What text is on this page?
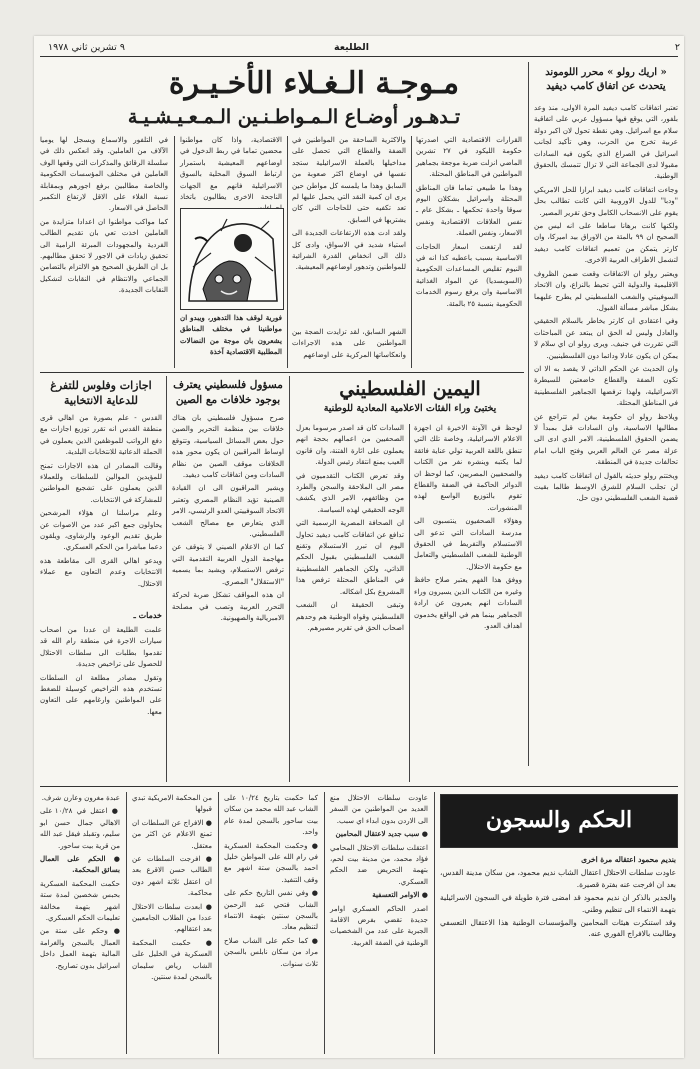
٢
الطليعة
٩ تشرين ثاني ١٩٧٨
« اريك رولو » محرر اللوموند يتحدث عن اتفاق كامب ديفيد

تعتبر اتفاقات كامب ديفيد المرة الاولى، منذ وعد بلفور، التي يوقع فيها مسؤول عربي على اتفاقية سلام مع اسرائيل. وهي نقطة تحول لان اكبر دولة عربية تخرج من الحرب، وهي تأكيد لجانب اسرائيل في الصراع الذي يكون فيه السادات مقبولا لدى الجماعة التي لا تزال تتمسك بالحقوق الوطنية.

وجاءت اتفاقات كامب ديفيد ابرازا للحل الامريكي "ودبا" للدول الاوروبية التي كانت تطالب بحل يقوم على الانسحاب الكامل وحق تقرير المصير.

ولكنها كانت برهانا ساطعا على انه ليس من الصحيح ان ٩٩ بالمئة من الاوراق بيد اميركا، وان كارتر يتمكن من تعميم اتفاقات كامب ديفيد لتشمل الاطراف العربية الاخرى.

ويعتبر رولو ان الاتفاقات وقعت ضمن الظروف الاقليمية والدولية التي تحيط بالنزاع، وان الاتحاد السوفييتي والشعب الفلسطيني لم يطرح عليهما بشكل مباشر مسألة القبول.

وفي اعتقادي ان كارتر يخاطر بالسلام الحقيقي والعادل وليس له الحق ان يبتعد عن المباحثات التي تقررت في جنيف. ويرى رولو ان اي سلام لا يمكن ان يكون عادلا ودائما دون الفلسطينيين.

وان الحديث عن الحكم الذاتي لا يقصد به الا ان تكون الضفة والقطاع خاضعتين للسيطرة الاسرائيلية، ولهذا ترفضها الجماهير الفلسطينية في المناطق المحتلة.

ويلاحظ رولو ان حكومة بيغن لم تتراجع عن مطالبها الاساسية، وان السادات قبل بمبدأ لا يضمن الحقوق الفلسطينية، الامر الذي ادى الى عزلة مصر عن العالم العربي وفتح الباب امام تحالفات جديدة في المنطقة.

ويختتم رولو حديثه بالقول ان اتفاقات كامب ديفيد لن تجلب السلام للشرق الاوسط طالما بقيت قضية الشعب الفلسطيني دون حل.

مـوجـة الـغـلاء الأخـيـرة
تـدهـور أوضـاع الـمـواطـنـين الـمـعـيـشـيـة

القرارات الاقتصادية التي اصدرتها حكومة الليكود في ٢٧ تشرين الماضي انزلت ضربة موجعة بجماهير المواطنين في المناطق المحتلة.

وهذا ما طبيعي تماما فان المناطق المحتلة واسرائيل بشكلان اليوم سوقا واحدة تحكمها ـ بشكل عام ـ نفس العلاقات الاقتصادية ونفس الاسعار، ونفس العملة.

لقد ارتفعت اسعار الحاجات الاساسية بسبب باعطيه كذا انه في النيوم تقليص المساعدات الحكومية (السوبسديا) عن المواد الغذائية الاساسية وان يرفع رسوم الخدمات الحكومية بنسبة ٢٥ بالمئة.

والاكثرية الساحقة من المواطنين في الضفة والقطاع التي تحصل على مداخيلها بالعملة الاسرائيلية ستجد نفسها في اوضاع اكثر صعوبة من السابق وهذا ما يلمسه كل مواطن حين يرى ان كمية النقد التي يحمل عليها لم تعد تكفيه حتى للحاجات التي كان يشتريها في السابق.

ولقد ادت هذه الارتفاعات الجديدة الى استياء شديد في الاسواق، وادى كل ذلك الى انخفاض القدرة الشرائية للمواطنين وتدهور اوضاعهم المعيشية.

الاقتصادية، واذا كان مواطنوا محضين تماما في ربط الدخول في اوضاعهم المعيشية باستمرار ارتباط السوق المحلية بالسوق الاسرائيلية فانهم مع الجهات الناجحة الاخرى يطالبون باتخاذ

في التلفور والاسماع ويسجل لها يوميا الآلاف من العاملين. وقد انعكس ذلك في سلسلة الرقائق والمذكرات التي وقعها الوف العاملين في مختلف المؤسسات الحكومية والخاصة مطالبين برفع اجورهم وبمقابلة نسبة الغلاء على الاقل لارتفاع التكمبر الحاصل في الاسعار.

كما مواكب مواطنوا ان اعدادا متزايدة من العاملين اخذت تعي بان تقديم الطالب الفردية والمجهودات المبرئة الرامية الى تحقيق زيادات في الاجور لا تحقق مطالبهم. بل ان الطريق الصحيح هو الالتزام بالتضامن الجماعي والانتظام في النقابات لتشكيل النقابات الجديدة.

فورية لوقف هذا التدهور، ويبدو ان مواطنينا في مختلف المناطق يشعرون بان موجة من النضالات المطلبية الاقتصادية آخذة

الشهر السابق، لقد تزايدت الضجة بين المواطنين على هذه الاجراءات وانعكاساتها المركزية على اوضاعهم

اليمين الفلسطيني
يختبئ وراء الفئات الاعلامية المعادية للوطنية

لوحظ في الآونة الاخيرة ان اجهزة الاعلام الاسرائيلية، وخاصة تلك التي تنطق باللغة العربية تولي عناية فائقة لما يكتبه وينشره نفر من الكتاب والصحفيين المصريين، كما لوحظ ان الدوائر الحاكمة في الضفة والقطاع تقوم بالتوزيع الواسع لهذه المنشورات.

وهؤلاء الصحفيون ينتسبون الى مدرسة السادات التي تدعو الى الاستسلام والتفريط في الحقوق الوطنية للشعب الفلسطيني والتعامل مع حكومة الاحتلال.

ووفق هذا الفهم يعتبر صلاح حافظ وغيره من الكتاب الذين يسيرون وراء السادات انهم يعبرون عن ارادة الجماهير بينما هم في الواقع يخدمون اهداف العدو.

السادات كان قد اصدر مرسوما بعزل الصحفيين من اعمالهم بحجة انهم يعملون على اثارة الفتنة، وان قانون العيب يمنع انتقاد رئيس الدولة.

وقد تعرض الكتاب التقدميون في مصر الى الملاحقة والسجن والطرد من وظائفهم، الامر الذي يكشف الوجه الحقيقي لهذه السياسة.

ان الصحافة المصرية الرسمية التي تدافع عن اتفاقات كامب ديفيد تحاول اليوم ان تبرر الاستسلام وتقنع الشعب الفلسطيني بقبول الحكم الذاتي، ولكن الجماهير الفلسطينية في المناطق المحتلة ترفض هذا المشروع بكل اشكاله.

وتبقى الحقيقة ان الشعب الفلسطيني وقواه الوطنية هم وحدهم اصحاب الحق في تقرير مصيرهم.

مسؤول فلسطيني يعترف بوجود خلافات مع الصين

صرح مسؤول فلسطيني بان هناك خلافات بين منظمة التحرير والصين حول بعض المسائل السياسية، وتتوقع اوساط المراقبين ان يكون محور هذه الخلافات موقف الصين من نظام السادات ومن اتفاقات كامب ديفيد.

ويشير المراقبون الى ان القيادة الصينية تؤيد النظام المصري وتعتبر الاتحاد السوفييتي العدو الرئيسي، الامر الذي يتعارض مع مصالح الشعب الفلسطيني.

كما ان الاعلام الصيني لا يتوقف عن مهاجمة الدول العربية التقدمية التي ترفض الاستسلام، ويشيد بما يسميه "الاستقلال" المصري.

ان هذه المواقف تشكل ضربة لحركة التحرر العربية وتصب في مصلحة الامبريالية والصهيونية.

اجازات وفلوس للتفرغ للدعاية الانتخابية

القدس - علم بصورة من اهالي قرى منطقة القدس انه تقرر توزيع اجازات مع دفع الرواتب للموظفين الذين يعملون في الحملة الدعائية للانتخابات البلدية.

وقالت المصادر ان هذه الاجازات تمنح للمؤيدين الموالين للسلطات وللعملاء الذين يعملون على تشجيع المواطنين للمشاركة في الانتخابات.

وعلم مراسلنا ان هؤلاء المرشحين يحاولون جمع اكبر عدد من الاصوات عن طريق تقديم الوعود والرشاوى، ويلقون دعما مباشرا من الحكم العسكري.

ويدعو اهالي القرى الى مقاطعة هذه الانتخابات وعدم التعاون مع عملاء الاحتلال.

خدمات ـ

علمت الطليعة ان عددا من اصحاب سيارات الاجرة في منطقة رام الله قد تقدموا بطلبات الى سلطات الاحتلال للحصول على تراخيص جديدة.

وتقول مصادر مطلعة ان السلطات تستخدم هذه التراخيص كوسيلة للضغط على المواطنين وارغامهم على التعاون معها.

الحكم والسجون

بنديم محمود اعتقاله مرة اخرى

عاودت سلطات الاحتلال اعتقال الشاب نديم محمود، من سكان مدينة القدس، بعد ان افرجت عنه بفترة قصيرة.

والجدير بالذكر ان نديم محمود قد امضى فترة طويلة في السجون الاسرائيلية بتهمة الانتماء الى تنظيم وطني.

وقد استنكرت هيئات المحامين والمؤسسات الوطنية هذا الاعتقال التعسفي وطالبت بالافراج الفوري عنه.

عاودت سلطات الاحتلال منع العديد من المواطنين من السفر الى الاردن بدون ابداء اي سبب.

● سبب جديد لاعتقال المحامين

اعتقلت سلطات الاحتلال المحامي فؤاد محمد، من مدينة بيت لحم، بتهمة التحريض ضد الحكم العسكري.

● الاوامر التعسفية

اصدر الحاكم العسكري اوامر جديدة تقضي بفرض الاقامة الجبرية على عدد من الشخصيات الوطنية في الضفة الغربية.

كما حكمت بتاريخ ١٠/٢٤ على الشاب عبد الله محمد من سكان بيت ساحور بالسجن لمدة عام واحد.

● وحكمت المحكمة العسكرية في رام الله على المواطن خليل احمد بالسجن ستة اشهر مع وقف التنفيذ.

● وفي نفس التاريخ حكم على الشاب فتحي عبد الرحمن بالسجن سنتين بتهمة الانتماء لتنظيم معاد.

● كما حكم على الشاب صلاح مراد من سكان نابلس بالسجن ثلاث سنوات.

من المحكمة الامريكية تبدي قبولها

● الافراج عن السلطات ان تمنع الاعلام عن اكثر من معتقل.

● افرجت السلطات عن الطالب حسن الاقرع بعد ان اعتقل ثلاثة اشهر دون محاكمة.

● ابعدت سلطات الاحتلال عددا من الطلاب الجامعيين بعد اعتقالهم.

● حكمت المحكمة العسكرية في الخليل على الشاب رياض سليمان بالسجن لمدة سنتين.

عبدة مغرون وعارن شرف.

● اعتقل في ١٠/٢٨ على الاهالي جمال حسن ابو سليم، وتقبلد فيقل عبد الله من قرية بيت ساحور.

● الحكم على العمال بسائق المحكمة.

حكمت المحكمة العسكرية بحبس شخصين لمدة ستة اشهر بتهمة مخالفة تعليمات الحكم العسكري.

● وحكم على ستة من العمال بالسجن والغرامة المالية بتهمة العمل داخل اسرائيل بدون تصاريح.
